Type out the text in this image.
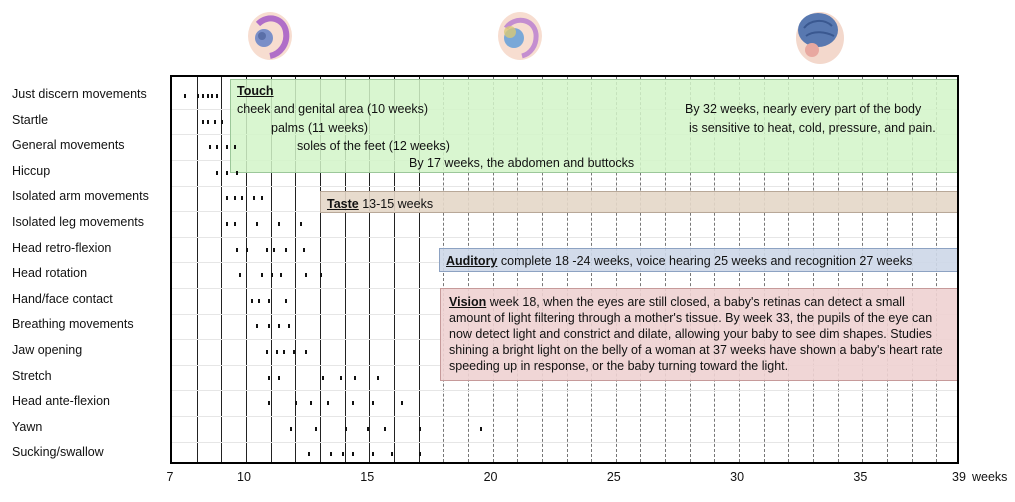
Just discern movements
Startle
General movements
Hiccup
Isolated arm movements
Isolated leg movements
Head retro-flexion
Head rotation
Hand/face contact
Breathing movements
Jaw opening
Stretch
Head ante-flexion
Yawn
Sucking/swallow
Touch
cheek and genital area (10 weeks)
palms (11 weeks)
soles of the feet (12 weeks)
By 17 weeks, the abdomen and buttocks
By 32 weeks, nearly every part of the body
is sensitive to heat, cold, pressure, and pain.
Taste 13-15 weeks
Auditory complete 18 -24 weeks, voice hearing 25 weeks and recognition 27 weeks
Vision week 18, when the eyes are still closed, a baby's retinas can detect a small amount of light filtering through a mother's tissue. By week 33, the pupils of the eye can now detect light and constrict and dilate, allowing your baby to see dim shapes. Studies shining a bright light on the belly of a woman at 37 weeks have shown a baby's heart rate speeding up in response, or the baby turning toward the light.
7	10	15	20	25	30	35	39 weeks
